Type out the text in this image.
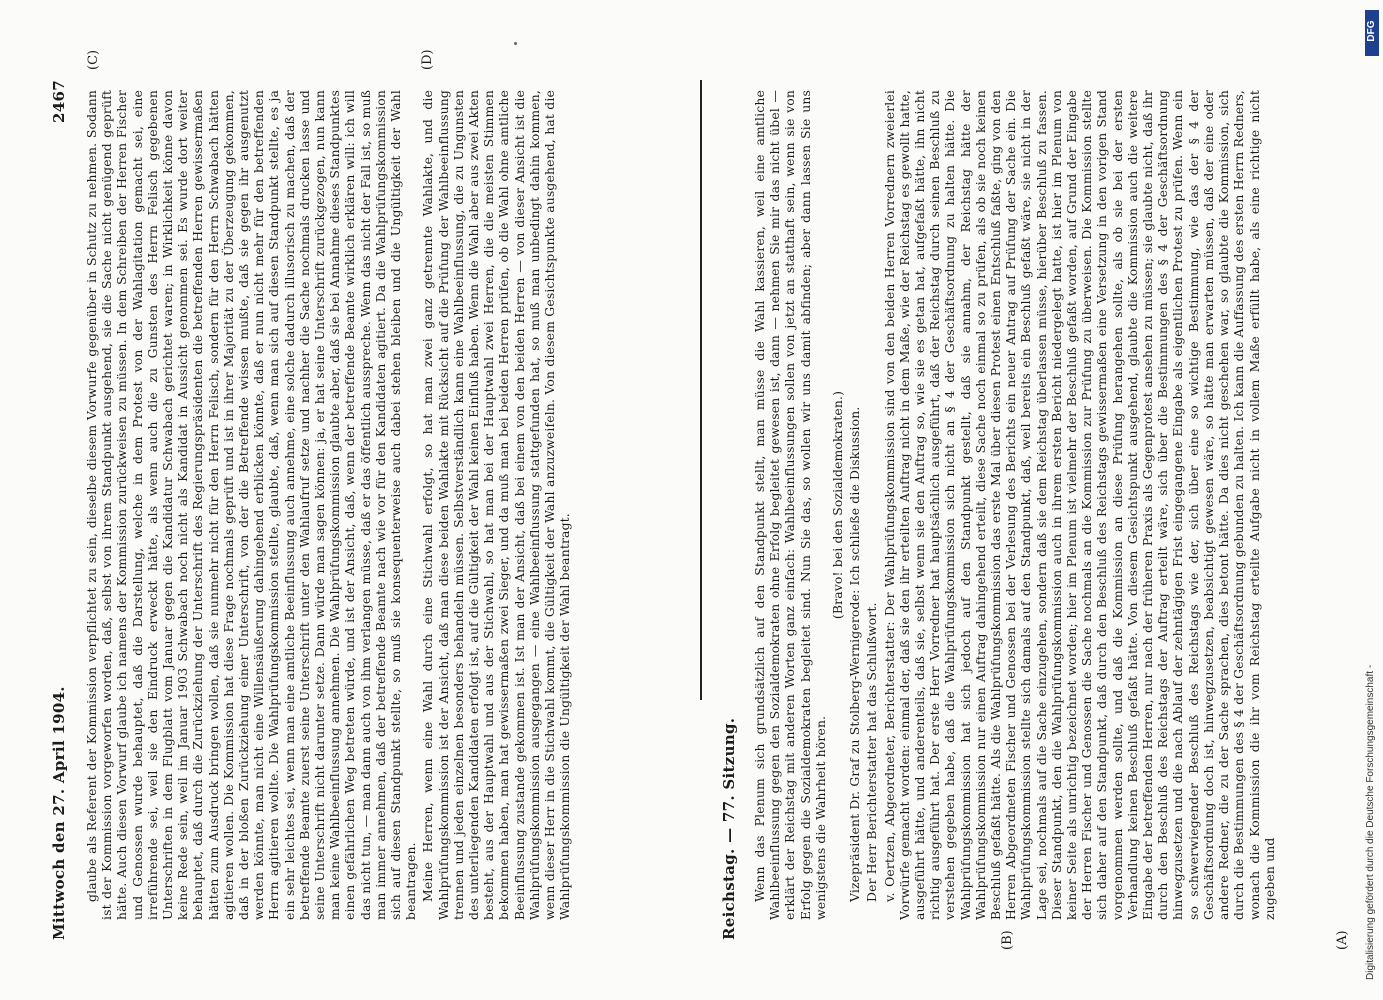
Reichstag. — 77. Sitzung. Wenn das Plenum sich grundsätzlich auf den Standpunkt stellt, man müsse die Wahl kassieren, weil eine amtliche Wahlbeeinflussung gegen den Sozialdemokraten ohne Erfolg begleitet gewesen ist, dann — nehmen Sie mir das nicht übel — erklärt der Reichstag mit anderen Worten ganz einfach: Wahlbeeinflussungen sollen von jetzt an statthaft sein, wenn sie von Erfolg gegen die Sozialdemokraten begleitet sind. Nun Sie das, so wollen wir uns damit abfinden; aber dann lassen Sie uns wenigstens die Wahrheit hören.

(Bravo! bei den Sozialdemokraten.) Vizepräsident Dr. Graf zu Stolberg-Wernigerode: Ich schließe die Diskussion. Der Herr Berichterstatter hat das Schlußwort. v. Oertzen, Abgeordneter, Berichterstatter: Der Wahlprüfungskommission sind von den beiden Herren Vorrednern zweierlei Vorwürfe gemacht worden: einmal der, daß sie den ihr erteilten Auftrag nicht in dem Maße, wie der Reichstag es gewollt hatte, ausgeführt hätte, und anderenteils, daß sie, selbst wenn sie den Auftrag so, wie sie es getan hat, aufgefaßt hätte, ihn nicht richtig ausgeführt hat. Der erste Herr Vorredner hat hauptsächlich ausgeführt, daß der Reichstag durch seinen Beschluß zu verstehen gegeben habe, daß die Wahlprüfungskommission sich nicht an § 4 der Geschäftsordnung zu halten hätte. Die Wahlprüfungskommission hat sich jedoch auf den Standpunkt gestellt, daß sie annahm, der Reichstag hätte der Wahlprüfungskommission nur einen Auftrag dahingehend erteilt, diese Sache noch einmal so zu prüfen, als ob sie noch keinen Beschluß gefaßt hätte. Als die Wahlprüfungskommission das erste Mal über diesen Protest einen Entschluß faßte, ging von den Herren Abgeordneten Fischer und Genossen bei der Verlesung des Berichts ein neuer Antrag auf Prüfung der Sache ein. Die Wahlprüfungskommission stellte sich damals auf den Standpunkt, daß, weil bereits ein Beschluß gefaßt wäre, sie nicht in der Lage sei, nochmals auf die Sache einzugehen, sondern daß sie dem Reichstag überlassen müsse, hierüber Beschluß zu fassen. Dieser Standpunkt, den die Wahlprüfungskommission auch in ihrem ersten Bericht niedergelegt hatte, ist hier im Plenum von keiner Seite als unrichtig bezeichnet worden; hier im Plenum ist vielmehr der Beschluß gefaßt worden, auf Grund der Eingabe der Herren Fischer und Genossen die Sache nochmals an die Kommission zur Prüfung zu überweisen. Die Kommission stellte sich daher auf den Standpunkt, daß durch den Beschluß des Reichstags gewissermaßen eine Versetzung in den vorigen Stand vorgenommen werden sollte, und daß die Kommission an diese Prüfung herangehen sollte, als ob sie bei der ersten Verhandlung keinen Beschluß gefaßt hätte. Von diesem Gesichtspunkt ausgehend, glaubte die Kommission auch die weitere Eingabe der betreffenden Herren, nur nach der früheren Praxis als Gegenprotest ansehen zu müssen; sie glaubte nicht, daß ihr durch den Beschluß des Reichstags der Auftrag erteilt wäre, sich über die Bestimmungen des § 4 der Geschäftsordnung hinwegzusetzen und die nach Ablauf der zehntägigen Frist eingegangene Eingabe als eigentlichen Protest zu prüfen. Wenn ein so schwerwiegender Beschluß des Reichstags wie der, sich über eine so wichtige Bestimmung, wie das der § 4 der Geschäftsordnung doch ist, hinwegzusetzen, beabsichtigt gewesen wäre, so hätte man erwarten müssen, daß der eine oder andere Redner, die zu der Sache sprachen, dies betont hätte. Da dies nicht geschehen war, so glaubte die Kommission, sich durch die Bestimmungen des § 4 der Geschäftsordnung gebunden zu halten. Ich kann die Auffassung des ersten Herrn Redners, wonach die Kommission die ihr vom Reichstag erteilte Aufgabe nicht in vollem Maße erfüllt habe, als eine richtige nicht zugeben und

(A)
(B)
Mittwoch den 27. April 1904.
2467 glaube als Referent der Kommission verpflichtet zu sein, dieselbe diesem Vorwurfe gegenüber in Schutz zu nehmen. Sodann ist der Kommission vorgeworfen worden, daß, selbst von ihrem Standpunkt ausgehend, sie die Sache nicht genügend geprüft hätte. Auch diesen Vorwurf glaube ich namens der Kommission zurückweisen zu müssen. In dem Schreiben der Herren Fischer und Genossen wurde behauptet, daß die Darstellung, welche in dem Protest von der Wahlagitation gemacht sei, eine irreführende sei, weil sie den Eindruck erweckt hätte, als wenn auch die zu Gunsten des Herrn Felisch gegebenen Unterschriften in dem Flugblatt vom Januar gegen die Kandidatur Schwabach gerichtet waren; in Wirklichkeit könne davon keine Rede sein, weil im Januar 1903 Schwabach noch nicht als Kandidat in Aussicht genommen sei. Es wurde dort weiter behauptet, daß durch die Zurückziehung der Unterschrift des Regierungspräsidenten die betreffenden Herren gewissermaßen hätten zum Ausdruck bringen wollen, daß sie nunmehr nicht für den Herrn Felisch, sondern für den Herrn Schwabach hätten agitieren wollen. Die Kommission hat diese Frage nochmals geprüft und ist in ihrer Majorität zu der Überzeugung gekommen, daß in der bloßen Zurückziehung einer Unterschrift, von der die Betreffende wissen mußte, daß sie gegen ihr ausgenutzt werden könnte, man nicht eine Willensäußerung dahingehend erblicken könnte, daß er nun nicht mehr für den betreffenden Herrn agitieren wollte. Die Wahlprüfungskommission stellte, glaubte, daß, wenn man sich auf diesen Standpunkt stellte, es ja ein sehr leichtes sei, wenn man eine amtliche Beeinflussung auch annehme, eine solche dadurch illusorisch zu machen, daß der betreffende Beamte zuerst seine Unterschrift unter den Wahlaufruf setze und nachher die Sache nochmals drucken lasse und seine Unterschrift nicht darunter setze. Dann würde man sagen können: ja, er hat seine Unterschrift zurückgezogen, nun kann man keine Wahlbeeinflussung annehmen. Die Wahlprüfungskommission glaubte aber, daß sie bei Annahme dieses Standpunktes einen gefährlichen Weg betreten würde, und ist der Ansicht, daß, wenn der betreffende Beamte wirklich erklären will: ich will das nicht tun, — man dann auch von ihm verlangen müsse, daß er das öffentlich ausspreche. Wenn das nicht der Fall ist, so muß man immer annehmen, daß der betreffende Beamte nach wie vor für den Kandidaten agitiert. Da die Wahlprüfungskommission sich auf diesen Standpunkt stellte, so muß sie konsequenterweise auch dabei stehen bleiben und die Ungültigkeit der Wahl beantragen. Meine Herren, wenn eine Wahl durch eine Stichwahl erfolgt, so hat man zwei ganz getrennte Wahlakte, und die Wahlprüfungskommission ist der Ansicht, daß man diese beiden Wahlakte mit Rücksicht auf die Prüfung der Wahlbeeinflussung trennen und jeden einzelnen besonders behandeln müssen. Selbstverständlich kann eine Wahlbeeinflussung, die zu Ungunsten des unterliegenden Kandidaten erfolgt ist, auf die Gültigkeit der Wahl keinen Einfluß haben. Wenn die Wahl aber aus zwei Akten besteht, aus der Hauptwahl und aus der Stichwahl, so hat man bei der Hauptwahl zwei Herren, die die meisten Stimmen bekommen haben, man hat gewissermaßen zwei Sieger, und da muß man bei beiden Herren prüfen, ob die Wahl ohne amtliche Beeinflussung zustande gekommen ist. Ist man der Ansicht, daß bei einem von den beiden Herren — von dieser Ansicht ist die Wahlprüfungskommission ausgegangen — eine Wahlbeeinflussung stattgefunden hat, so muß man unbedingt dahin kommen, wenn dieser Herr in die Stichwahl kommt, die Gültigkeit der Wahl anzuzweifeln. Von diesem Gesichtspunkte ausgehend, hat die Wahlprüfungskommission die Ungültigkeit der Wahl beantragt.

(C)	(D)
Digitalisierung gefördert durch die Deutsche Forschungsgemeinschaft -
DFG
